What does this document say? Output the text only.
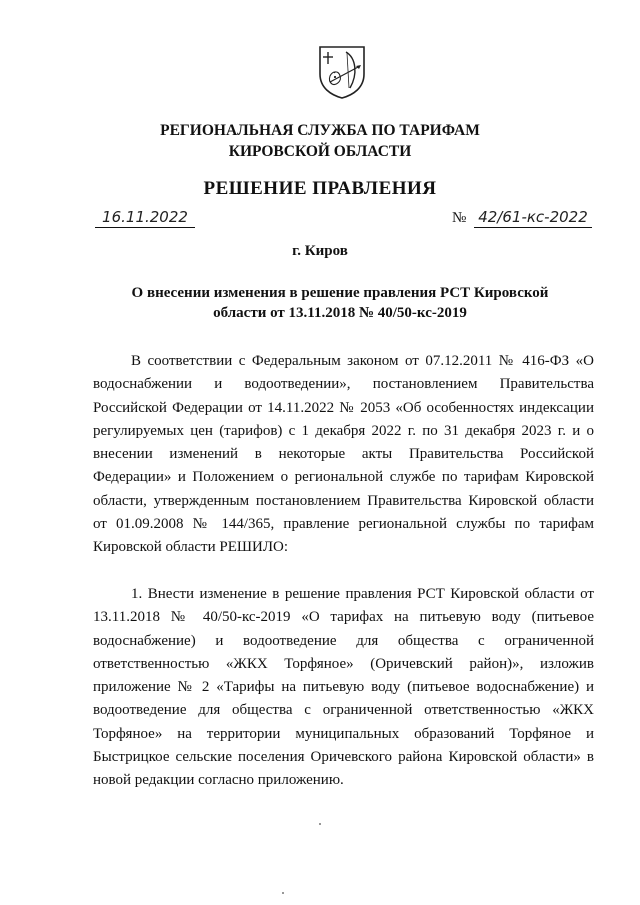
РЕГИОНАЛЬНАЯ СЛУЖБА ПО ТАРИФАМ
КИРОВСКОЙ ОБЛАСТИ
РЕШЕНИЕ ПРАВЛЕНИЯ
16.11.2022	№ 42/61-кс-2022
г. Киров
О внесении изменения в решение правления РСТ Кировской области от 13.11.2018 № 40/50-кс-2019

В соответствии с Федеральным законом от 07.12.2011 № 416-ФЗ «О водоснабжении и водоотведении», постановлением Правительства Российской Федерации от 14.11.2022 № 2053 «Об особенностях индексации регулируемых цен (тарифов) с 1 декабря 2022 г. по 31 декабря 2023 г. и о внесении изменений в некоторые акты Правительства Российской Федерации» и Положением о региональной службе по тарифам Кировской области, утвержденным постановлением Правительства Кировской области от 01.09.2008 № 144/365, правление региональной службы по тарифам Кировской области РЕШИЛО:

1. Внести изменение в решение правления РСТ Кировской области от 13.11.2018 № 40/50-кс-2019 «О тарифах на питьевую воду (питьевое водоснабжение) и водоотведение для общества с ограниченной ответственностью «ЖКХ Торфяное» (Оричевский район)», изложив приложение № 2 «Тарифы на питьевую воду (питьевое водоснабжение) и водоотведение для общества с ограниченной ответственностью «ЖКХ Торфяное» на территории муниципальных образований Торфяное и Быстрицкое сельские поселения Оричевского района Кировской области» в новой редакции согласно приложению.
